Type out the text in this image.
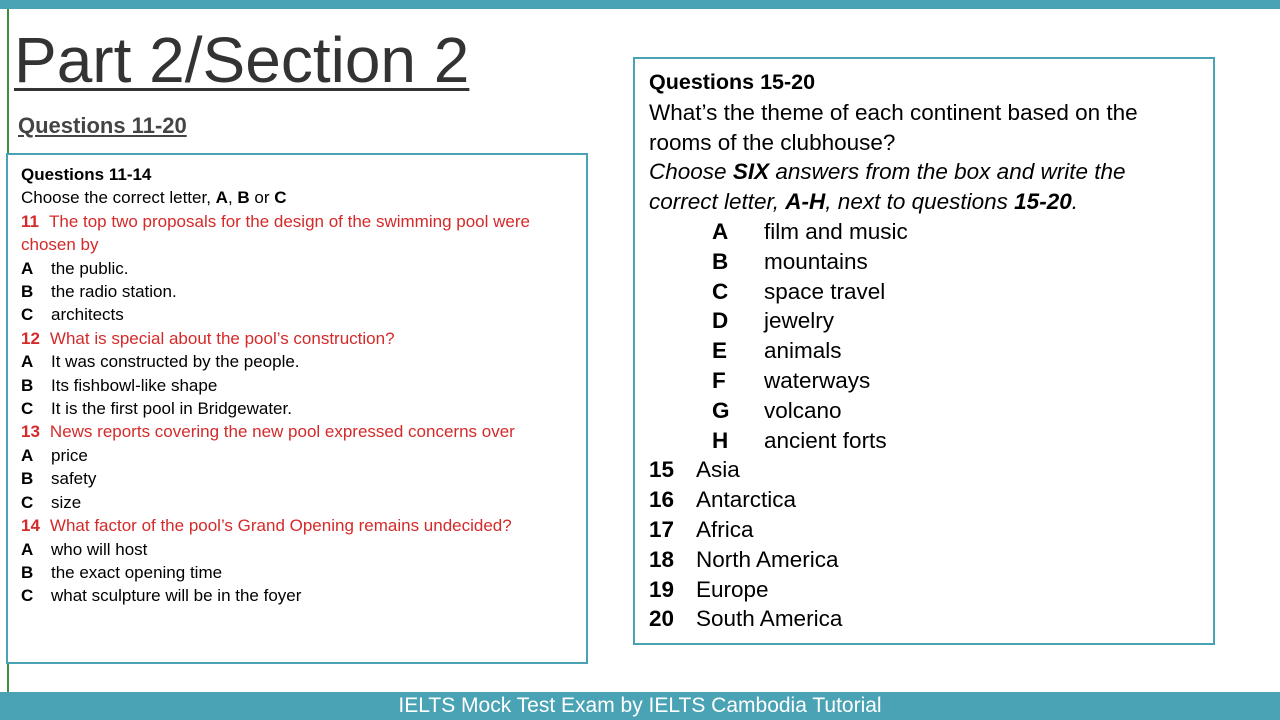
Part 2/Section 2
Questions 11-20
Questions 11-14
Choose the correct letter, A, B or C
11 The top two proposals for the design of the swimming pool were chosen by
A	the public.
B	the radio station.
C	architects
12 What is special about the pool’s construction?
A	It was constructed by the people.
B	Its fishbowl-like shape
C	It is the first pool in Bridgewater.
13 News reports covering the new pool expressed concerns over
A	price
B	safety
C	size
14 What factor of the pool’s Grand Opening remains undecided?
A	who will host
B	the exact opening time
C	what sculpture will be in the foyer
Questions 15-20
What’s the theme of each continent based on the
rooms of the clubhouse?
Choose SIX answers from the box and write the
correct letter, A-H, next to questions 15-20.
A	film and music
B	mountains
C	space travel
D	jewelry
E	animals
F	waterways
G	volcano
H	ancient forts
15 Asia
16 Antarctica
17 Africa
18 North America
19 Europe
20 South America
IELTS Mock Test Exam by IELTS Cambodia Tutorial
